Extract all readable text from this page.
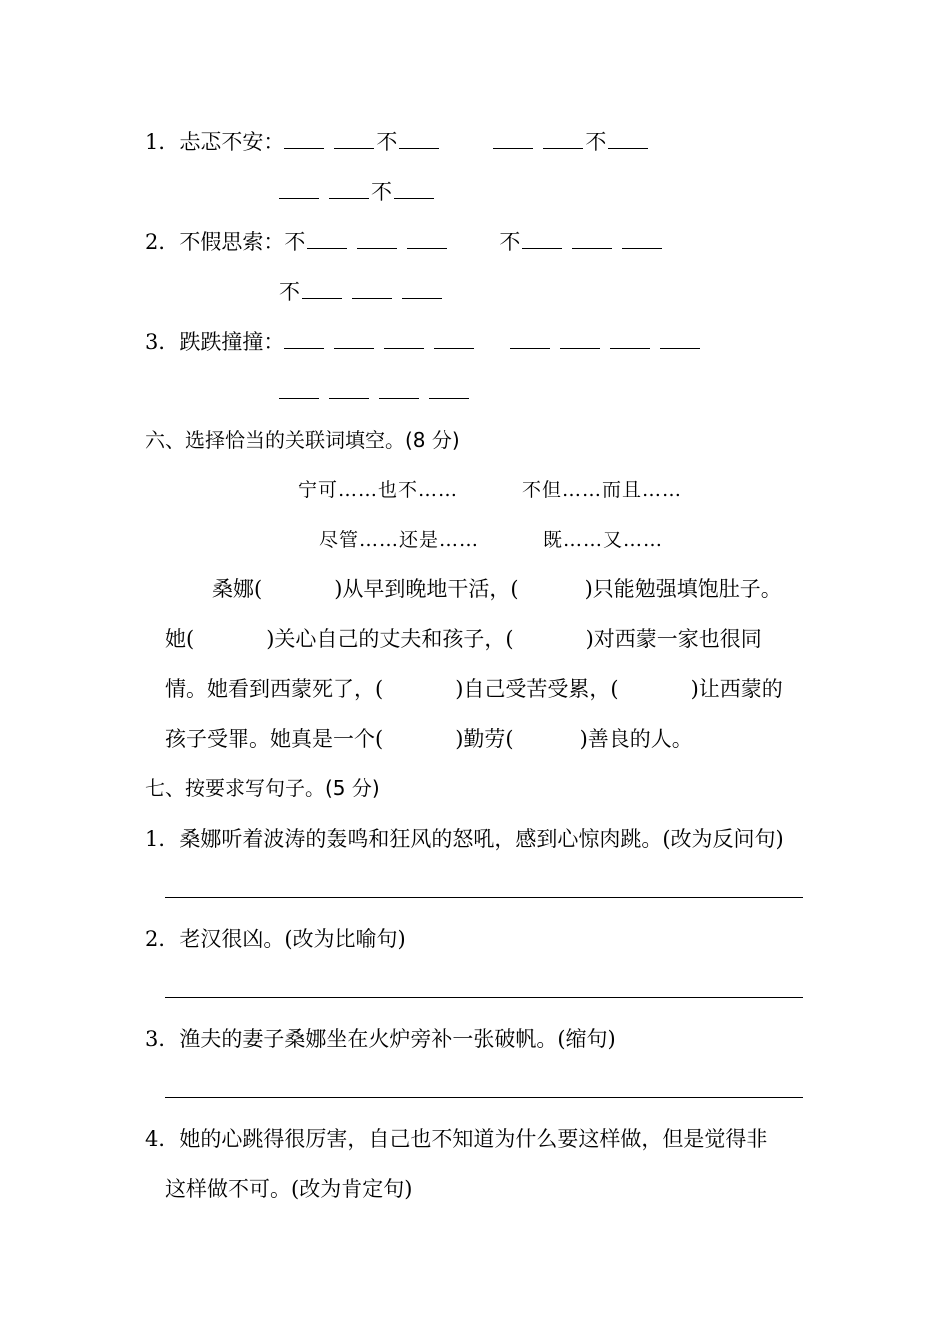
1．忐忑不安：	不	不
不
2．不假思索：不	不
不
3．跌跌撞撞：
六、选择恰当的关联词填空。(8 分)
宁可……也不……	不但……而且……
尽管……还是……	既……又……
桑娜(	)从早到晚地干活，(	)只能勉强填饱肚子。
她(	)关心自己的丈夫和孩子，(	)对西蒙一家也很同
情。她看到西蒙死了，(	)自己受苦受累，(	)让西蒙的
孩子受罪。她真是一个(	)勤劳(	)善良的人。
七、按要求写句子。(5 分)
1．桑娜听着波涛的轰鸣和狂风的怒吼，感到心惊肉跳。(改为反问句)
2．老汉很凶。(改为比喻句)
3．渔夫的妻子桑娜坐在火炉旁补一张破帆。(缩句)
4．她的心跳得很厉害，自己也不知道为什么要这样做，但是觉得非
这样做不可。(改为肯定句)
